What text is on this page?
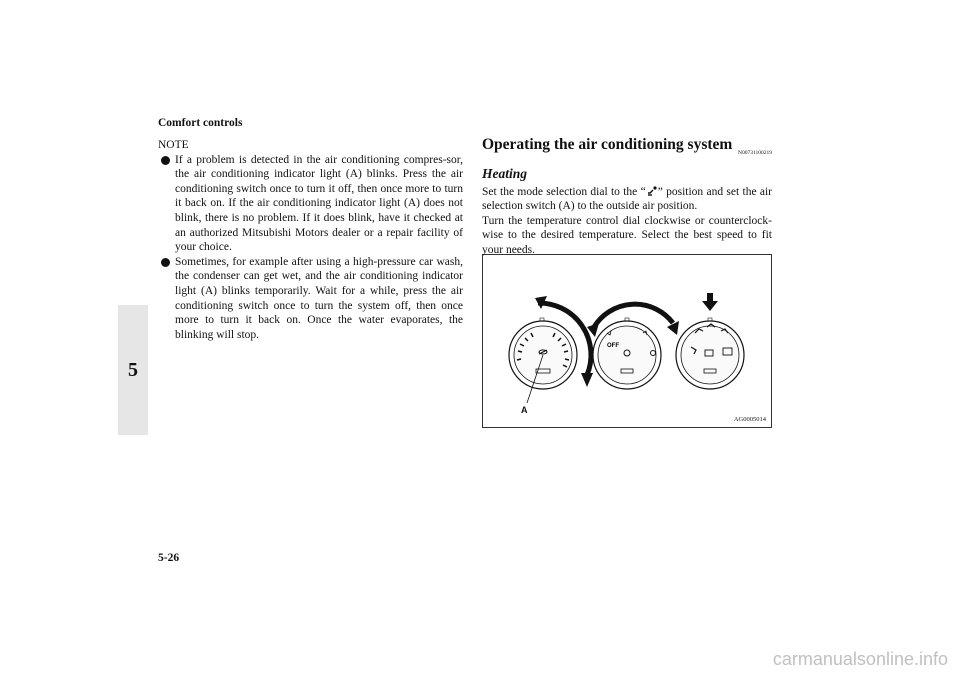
Comfort controls
5
NOTE
If a problem is detected in the air conditioning compres-sor, the air conditioning indicator light (A) blinks. Press the air conditioning switch once to turn it off, then once more to turn it back on. If the air conditioning indicator light (A) does not blink, there is no problem. If it does blink, have it checked at an authorized Mitsubishi Motors dealer or a repair facility of your choice.
Sometimes, for example after using a high-pressure car wash, the condenser can get wet, and the air conditioning indicator light (A) blinks temporarily. Wait for a while, press the air conditioning switch once to turn the system off, then once more to turn it back on. Once the water evaporates, the blinking will stop.
Operating the air conditioning system N00731100219
Heating
Set the mode selection dial to the “ ” position and set the air selection switch (A) to the outside air position.
Turn the temperature control dial clockwise or counterclock-wise to the desired temperature. Select the best speed to fit your needs.
OFF
A
AG0005014
5-26
carmanualsonline.info
